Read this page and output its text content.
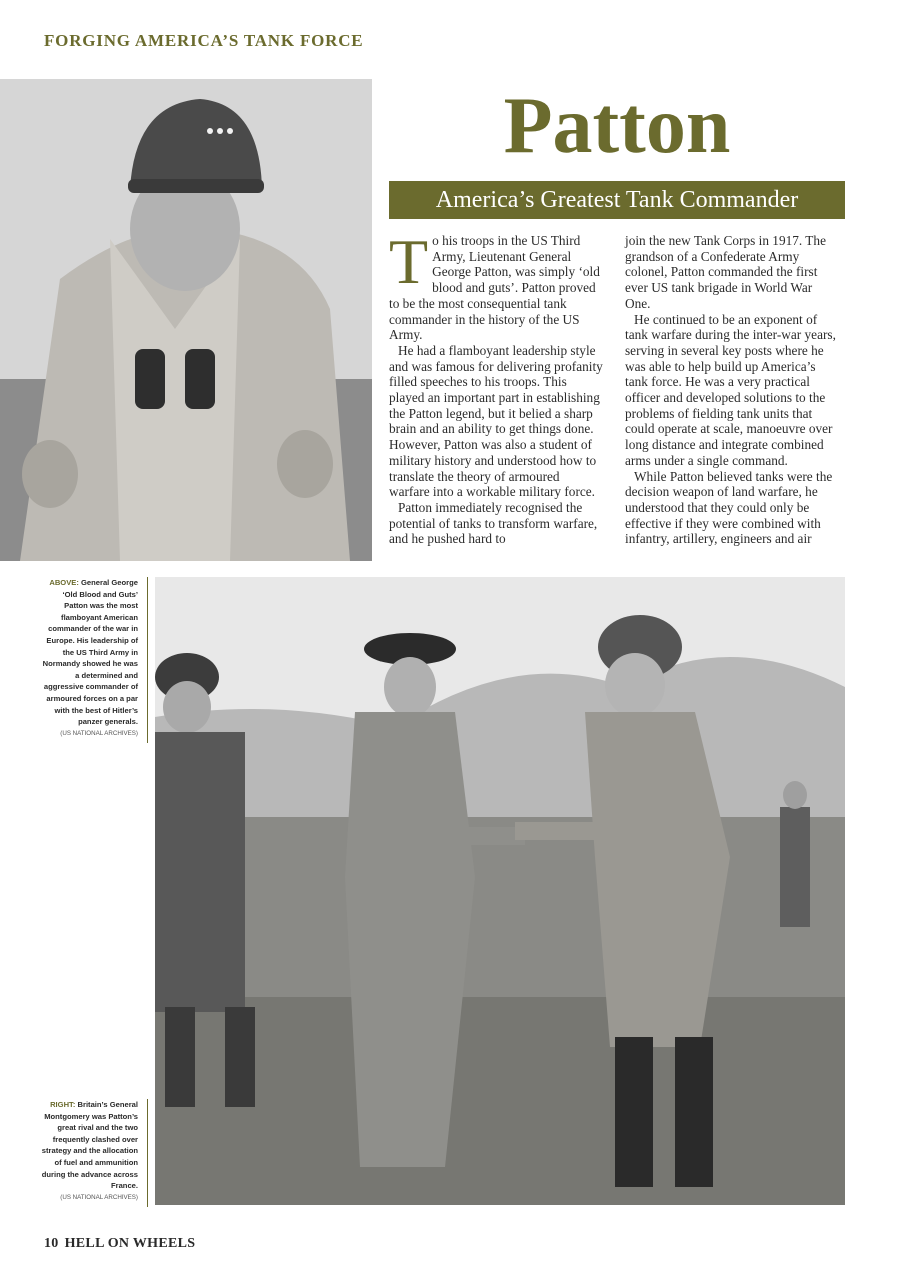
FORGING AMERICA’S TANK FORCE
Patton
America’s Greatest Tank Commander

To his troops in the US Third Army, Lieutenant General George Patton, was simply ‘old blood and guts’. Patton proved to be the most consequential tank commander in the history of the US Army.

He had a flamboyant leadership style and was famous for delivering profanity filled speeches to his troops. This played an important part in establishing the Patton legend, but it belied a sharp brain and an ability to get things done. However, Patton was also a student of military history and understood how to translate the theory of armoured warfare into a workable military force.

Patton immediately recognised the potential of tanks to transform warfare, and he pushed hard to

join the new Tank Corps in 1917. The grandson of a Confederate Army colonel, Patton commanded the first ever US tank brigade in World War One.

He continued to be an exponent of tank warfare during the inter-war years, serving in several key posts where he was able to help build up America’s tank force. He was a very practical officer and developed solutions to the problems of fielding tank units that could operate at scale, manoeuvre over long distance and integrate combined arms under a single command.

While Patton believed tanks were the decision weapon of land warfare, he understood that they could only be effective if they were combined with infantry, artillery, engineers and air

ABOVE: General George ‘Old Blood and Guts’ Patton was the most flamboyant American commander of the war in Europe. His leadership of the US Third Army in Normandy showed he was a determined and aggressive commander of armoured forces on a par with the best of Hitler’s panzer generals.
(US NATIONAL ARCHIVES)
RIGHT: Britain’s General Montgomery was Patton’s great rival and the two frequently clashed over strategy and the allocation of fuel and ammunition during the advance across France.
(US NATIONAL ARCHIVES)
10 HELL ON WHEELS
